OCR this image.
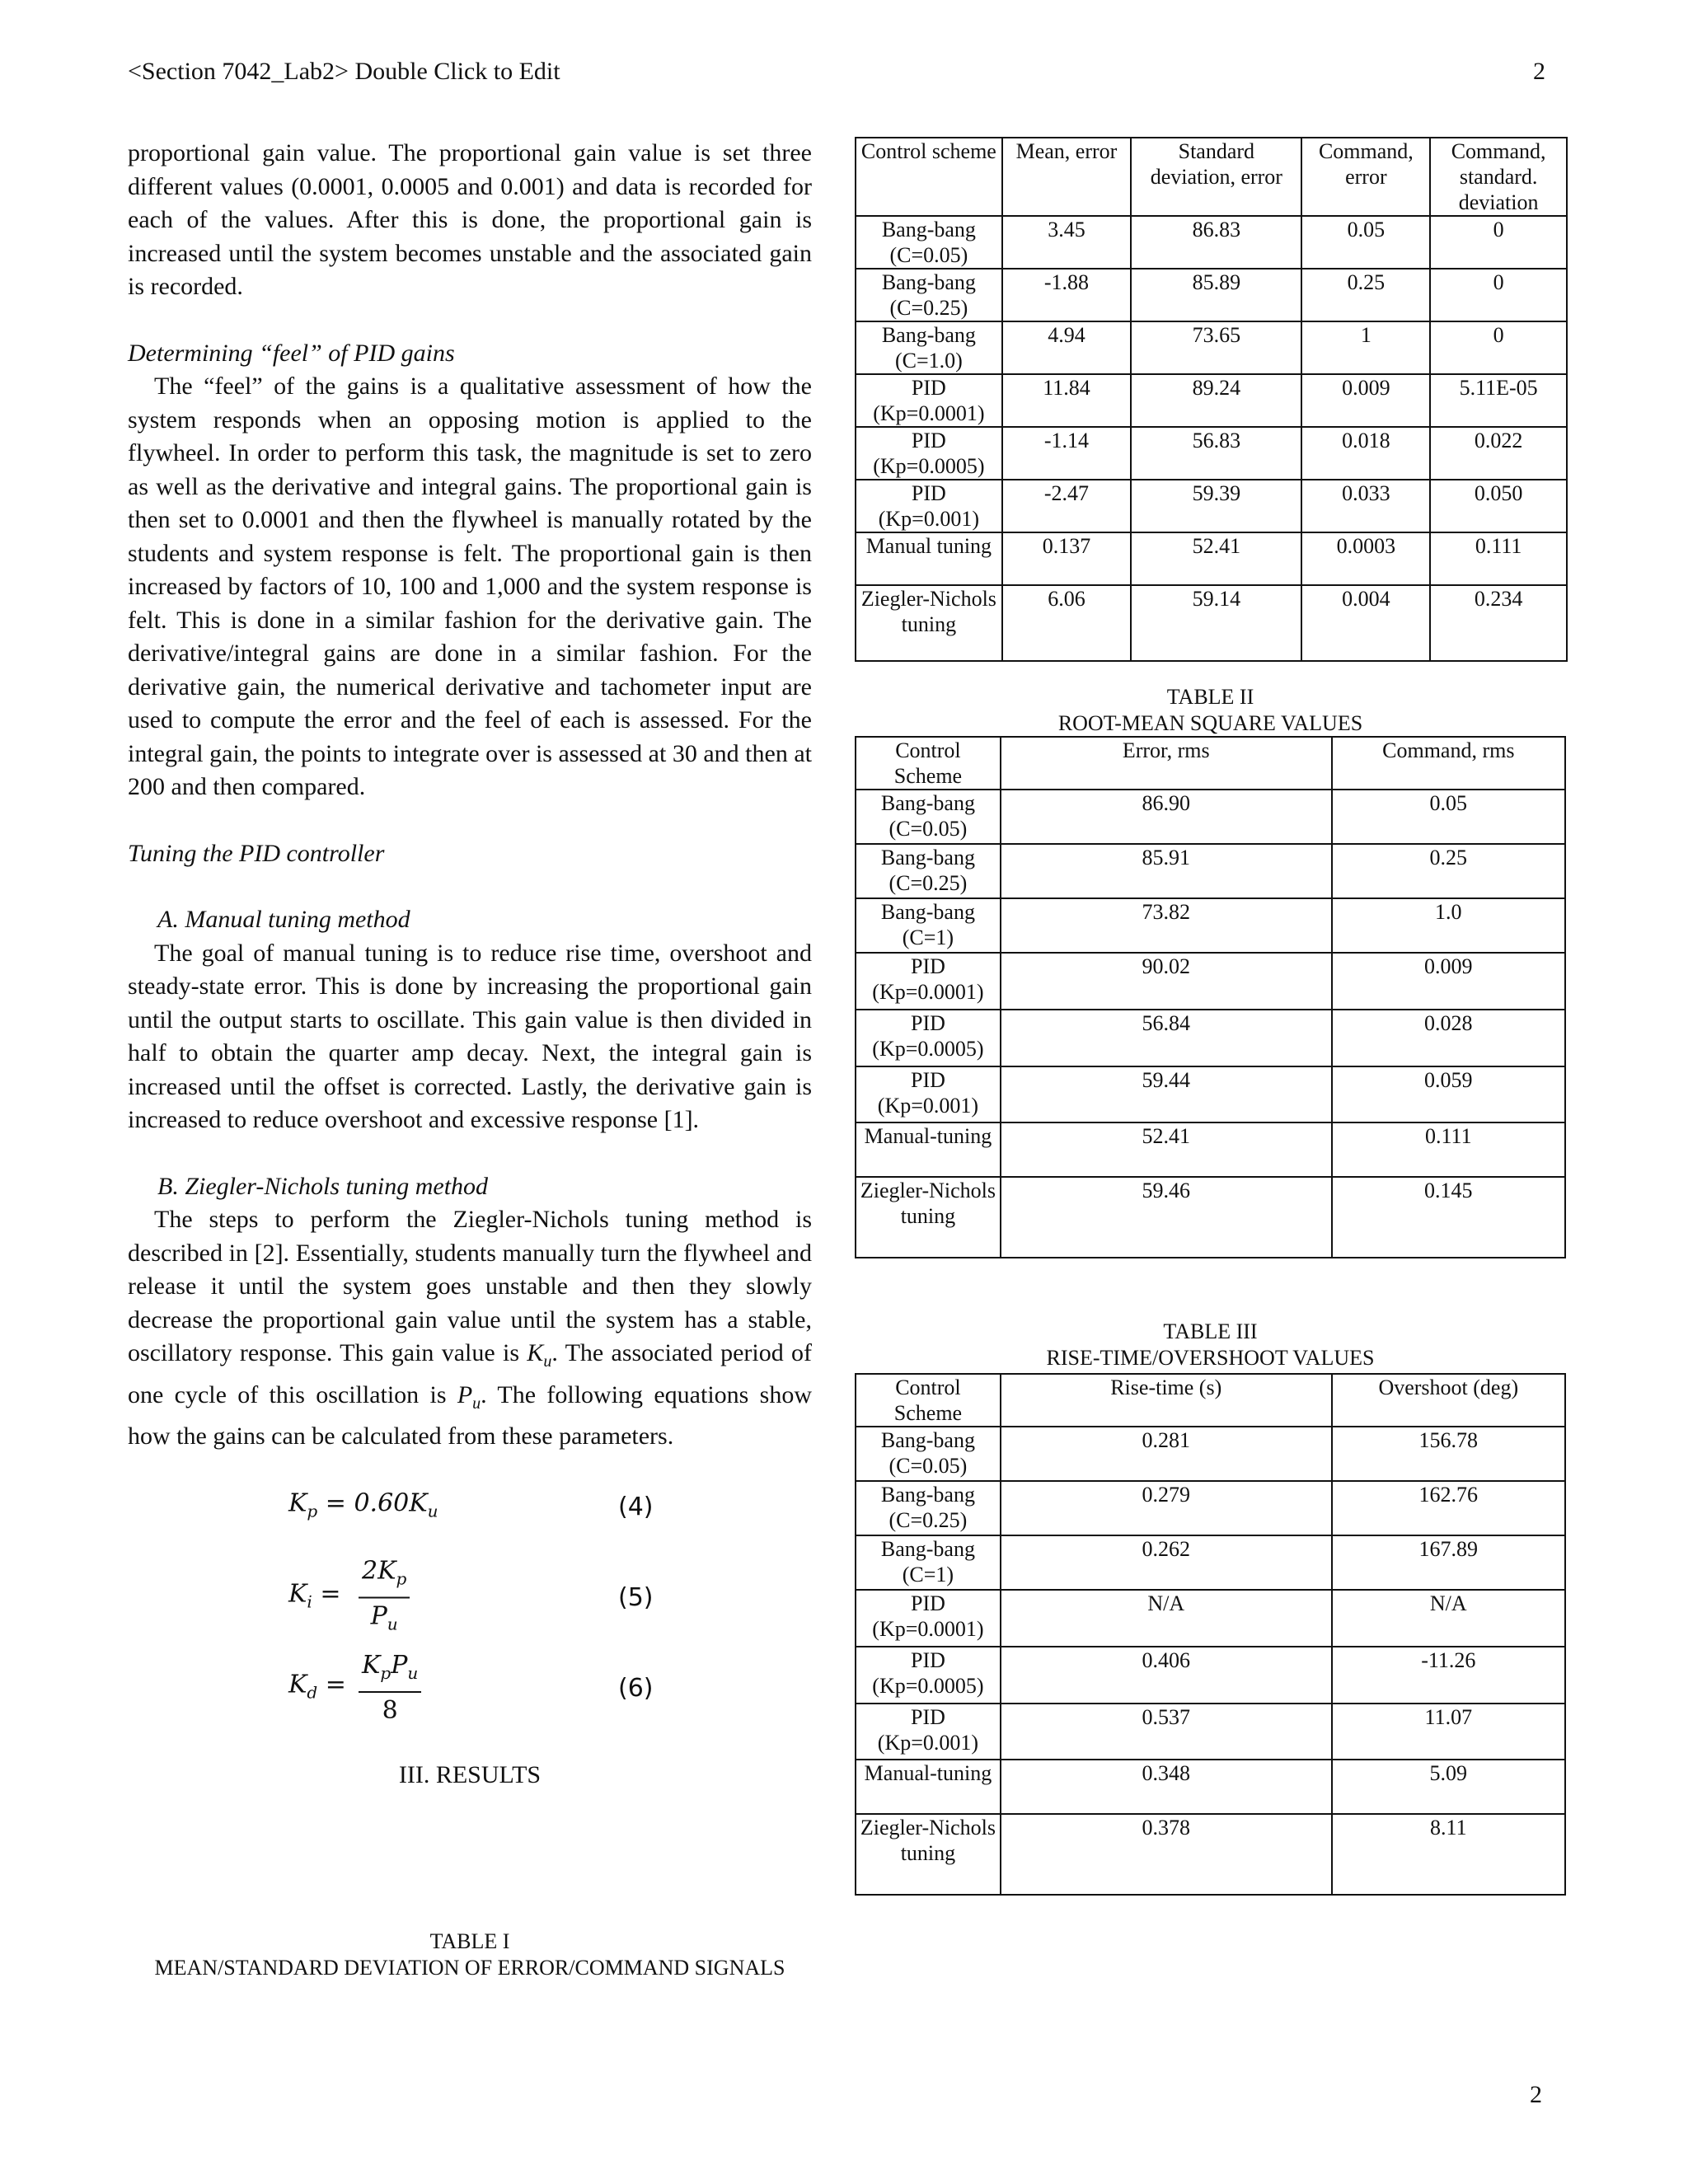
<Section 7042_Lab2> Double Click to Edit	2

proportional gain value. The proportional gain value is set three different values (0.0001, 0.0005 and 0.001) and data is recorded for each of the values. After this is done, the proportional gain is increased until the system becomes unstable and the associated gain is recorded.

Determining “feel” of PID gains

The “feel” of the gains is a qualitative assessment of how the system responds when an opposing motion is applied to the flywheel. In order to perform this task, the magnitude is set to zero as well as the derivative and integral gains. The proportional gain is then set to 0.0001 and then the flywheel is manually rotated by the students and system response is felt. The proportional gain is then increased by factors of 10, 100 and 1,000 and the system response is felt. This is done in a similar fashion for the derivative gain. The derivative/integral gains are done in a similar fashion. For the derivative gain, the numerical derivative and tachometer input are used to compute the error and the feel of each is assessed. For the integral gain, the points to integrate over is assessed at 30 and then at 200 and then compared.

Tuning the PID controller

A. Manual tuning method

The goal of manual tuning is to reduce rise time, overshoot and steady-state error. This is done by increasing the proportional gain until the output starts to oscillate. This gain value is then divided in half to obtain the quarter amp decay. Next, the integral gain is increased until the offset is corrected. Lastly, the derivative gain is increased to reduce overshoot and excessive response [1].

B. Ziegler-Nichols tuning method

The steps to perform the Ziegler-Nichols tuning method is described in [2]. Essentially, students manually turn the flywheel and release it until the system goes unstable and then they slowly decrease the proportional gain value until the system has a stable, oscillatory response. This gain value is $K_u$. The associated period of one cycle of this oscillation is $P_u$. The following equations show how the gains can be calculated from these parameters.

$K_p = 0.60K_u$	(4)
$K_i = \frac{2K_p}{P_u}$	(5)
$K_d$ =
$K_pP_u$
8
(6)
III. RESULTS
TABLE I
MEAN/STANDARD DEVIATION OF ERROR/COMMAND SIGNALS
Control scheme	Mean, error	Standard deviation, error	Command, error	Command, standard. deviation
Bang-bang (C=0.05)	3.45	86.83	0.05	0
Bang-bang (C=0.25)	-1.88	85.89	0.25	0
Bang-bang (C=1.0)	4.94	73.65	1	0
PID (Kp=0.0001)	11.84	89.24	0.009	5.11E-05
PID (Kp=0.0005)	-1.14	56.83	0.018	0.022
PID (Kp=0.001)	-2.47	59.39	0.033	0.050
Manual tuning	0.137	52.41	0.0003	0.111
Ziegler-Nichols tuning	6.06	59.14	0.004	0.234
TABLE II
ROOT-MEAN SQUARE VALUES
Control Scheme	Error, rms	Command, rms
Bang-bang (C=0.05)	86.90	0.05
Bang-bang (C=0.25)	85.91	0.25
Bang-bang (C=1)	73.82	1.0
PID (Kp=0.0001)	90.02	0.009
PID (Kp=0.0005)	56.84	0.028
PID (Kp=0.001)	59.44	0.059
Manual-tuning	52.41	0.111
Ziegler-Nichols tuning	59.46	0.145
TABLE III
RISE-TIME/OVERSHOOT VALUES
Control Scheme	Rise-time (s)	Overshoot (deg)
Bang-bang (C=0.05)	0.281	156.78
Bang-bang (C=0.25)	0.279	162.76
Bang-bang (C=1)	0.262	167.89
PID (Kp=0.0001)	N/A	N/A
PID (Kp=0.0005)	0.406	-11.26
PID (Kp=0.001)	0.537	11.07
Manual-tuning	0.348	5.09
Ziegler-Nichols tuning	0.378	8.11
2
